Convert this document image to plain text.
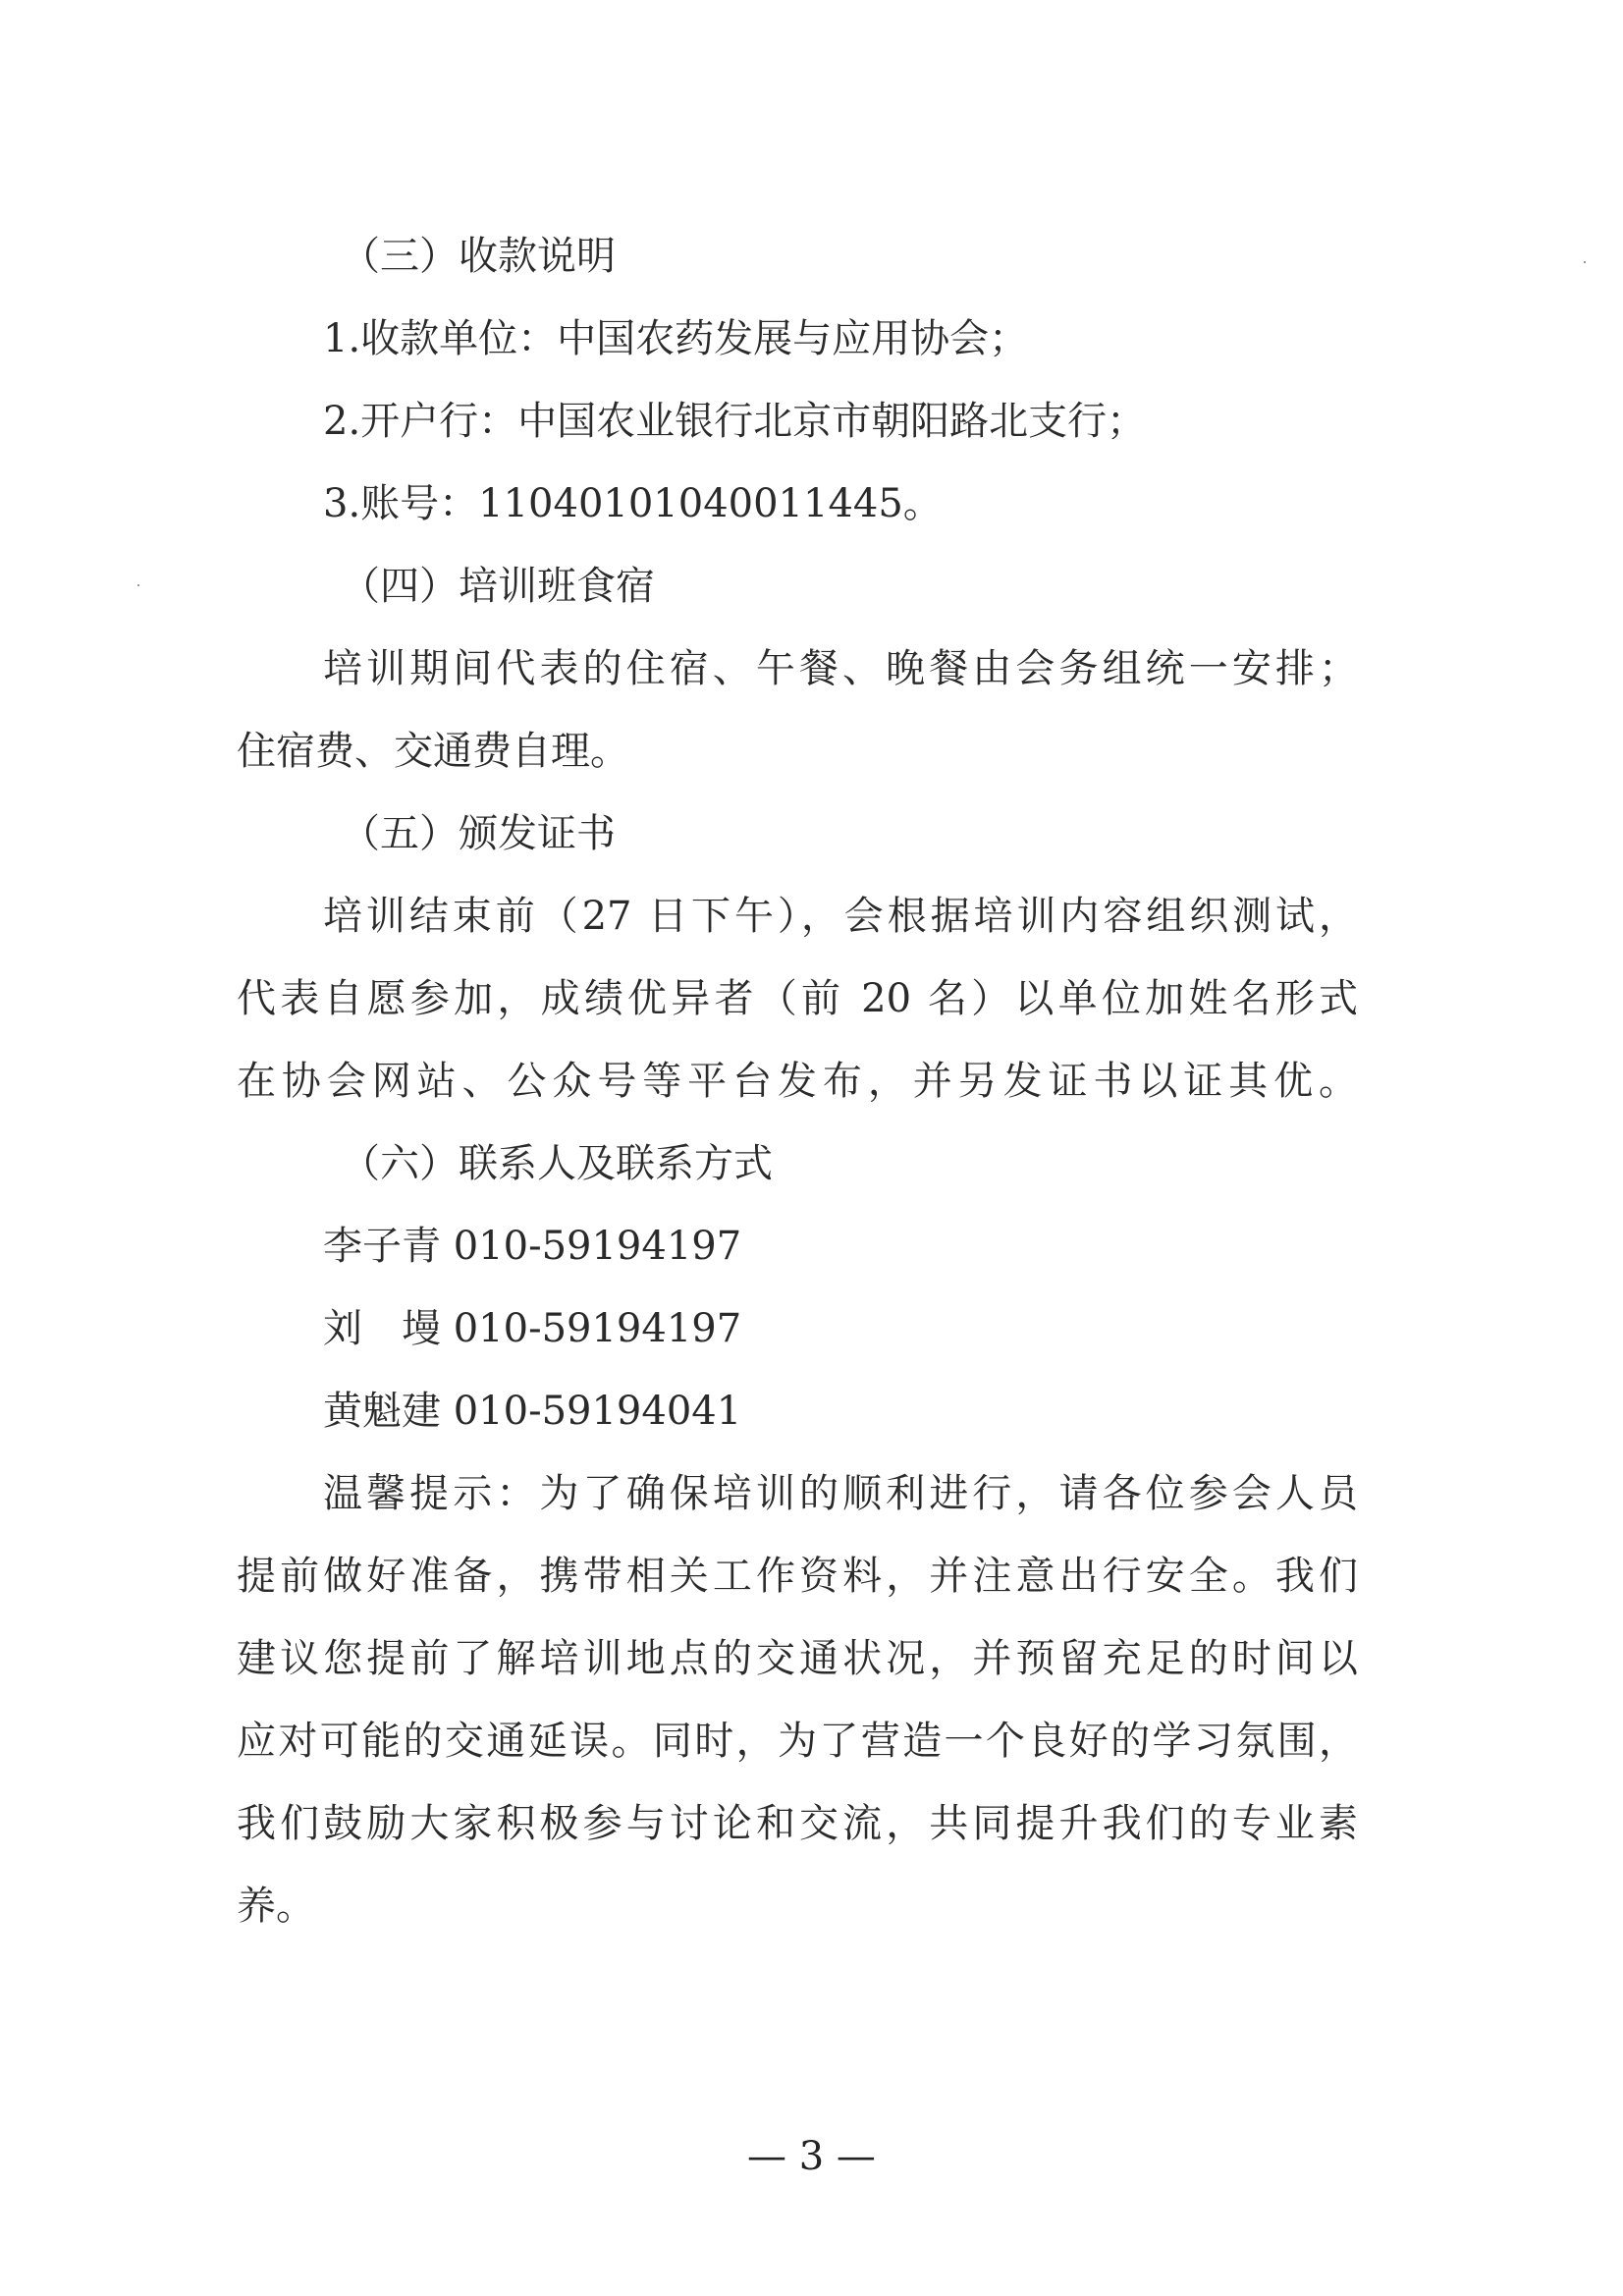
（三）收款说明

1.收款单位：中国农药发展与应用协会；

2.开户行：中国农业银行北京市朝阳路北支行；

3.账号：11040101040011445。

（四）培训班食宿

培训期间代表的住宿、午餐、晚餐由会务组统一安排；

住宿费、交通费自理。

（五）颁发证书

培训结束前（27 日下午），会根据培训内容组织测试，

代表自愿参加，成绩优异者（前 20 名）以单位加姓名形式

在协会网站、公众号等平台发布，并另发证书以证其优。

（六）联系人及联系方式

李子青 010-59194197

刘　墁 010-59194197

黄魁建 010-59194041

温馨提示：为了确保培训的顺利进行，请各位参会人员

提前做好准备，携带相关工作资料，并注意出行安全。我们

建议您提前了解培训地点的交通状况，并预留充足的时间以

应对可能的交通延误。同时，为了营造一个良好的学习氛围，

我们鼓励大家积极参与讨论和交流，共同提升我们的专业素

养。

— 3 —
